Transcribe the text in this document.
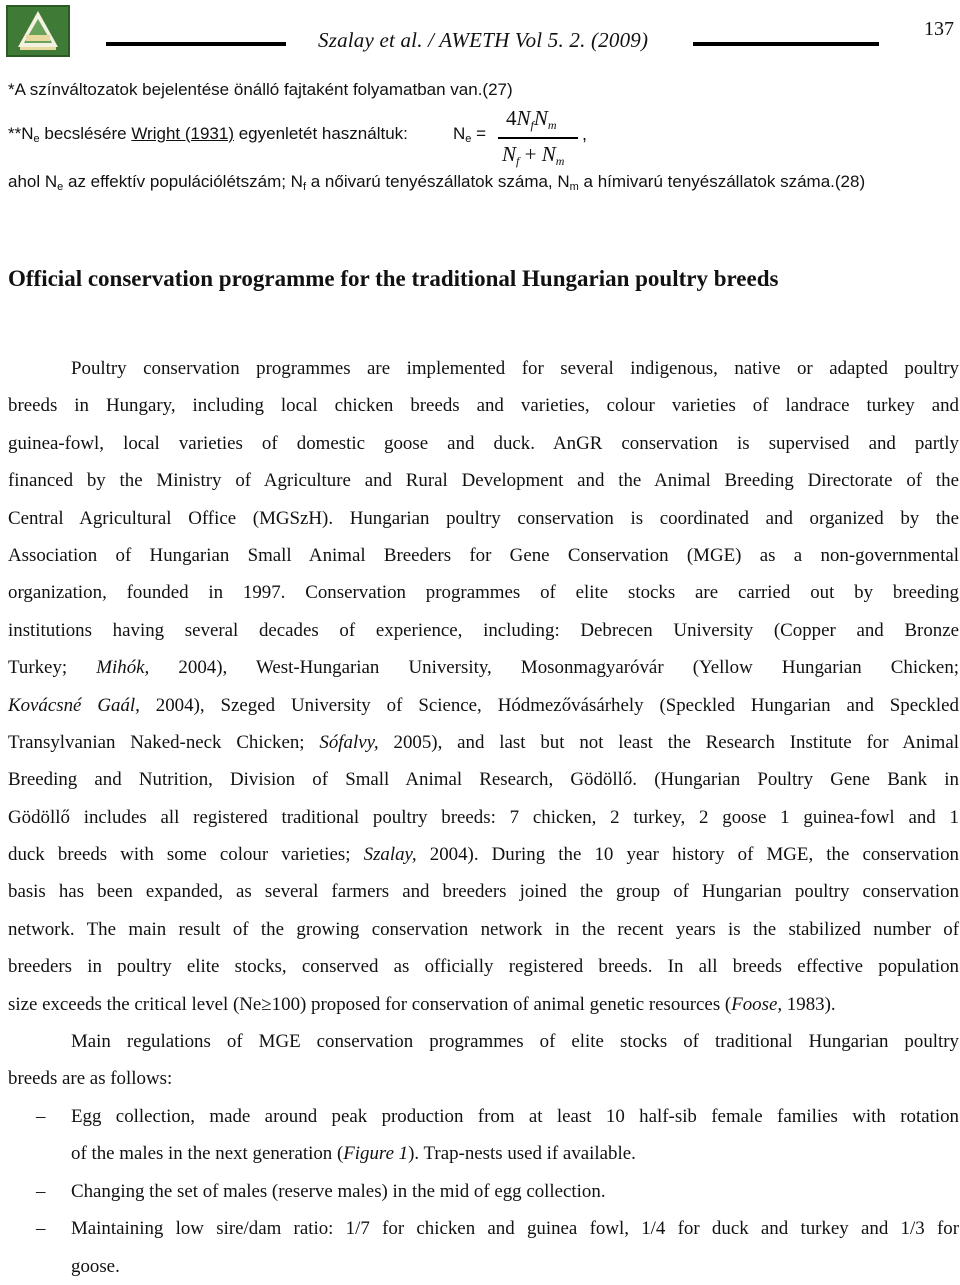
Szalay et al. / AWETH Vol 5. 2. (2009)	137
*A színváltozatok bejelentése önálló fajtaként folyamatban van.(27)
$**N_e$ becslésére Wright (1931) egyenletét használtuk:	$N_e$ =
$4N_fN_m$
$N_f + N_m$
,
ahol $N_e$ az effektív populációlétszám; $N_f$ a nőivarú tenyészállatok száma, $N_m$ a hímivarú tenyészállatok száma.(28)
Official conservation programme for the traditional Hungarian poultry breeds
Poultry conservation programmes are implemented for several indigenous, native or adapted poultry
breeds in Hungary, including local chicken breeds and varieties, colour varieties of landrace turkey and
guinea-fowl, local varieties of domestic goose and duck. AnGR conservation is supervised and partly
financed by the Ministry of Agriculture and Rural Development and the Animal Breeding Directorate of the
Central Agricultural Office (MGSzH). Hungarian poultry conservation is coordinated and organized by the
Association of Hungarian Small Animal Breeders for Gene Conservation (MGE) as a non-governmental
organization, founded in 1997. Conservation programmes of elite stocks are carried out by breeding
institutions having several decades of experience, including: Debrecen University (Copper and Bronze
Turkey; Mihók, 2004), West-Hungarian University, Mosonmagyaróvár (Yellow Hungarian Chicken;
Kovácsné Gaál, 2004), Szeged University of Science, Hódmezővásárhely (Speckled Hungarian and Speckled
Transylvanian Naked-neck Chicken; Sófalvy, 2005), and last but not least the Research Institute for Animal
Breeding and Nutrition, Division of Small Animal Research, Gödöllő. (Hungarian Poultry Gene Bank in
Gödöllő includes all registered traditional poultry breeds: 7 chicken, 2 turkey, 2 goose 1 guinea-fowl and 1
duck breeds with some colour varieties; Szalay, 2004). During the 10 year history of MGE, the conservation
basis has been expanded, as several farmers and breeders joined the group of Hungarian poultry conservation
network. The main result of the growing conservation network in the recent years is the stabilized number of
breeders in poultry elite stocks, conserved as officially registered breeds. In all breeds effective population
size exceeds the critical level (Ne≥100) proposed for conservation of animal genetic resources (Foose, 1983).
Main regulations of MGE conservation programmes of elite stocks of traditional Hungarian poultry
breeds are as follows:
– Egg collection, made around peak production from at least 10 half-sib female families with rotation
of the males in the next generation (Figure 1). Trap-nests used if available.
– Changing the set of males (reserve males) in the mid of egg collection.
– Maintaining low sire/dam ratio: 1/7 for chicken and guinea fowl, 1/4 for duck and turkey and 1/3 for
goose.
